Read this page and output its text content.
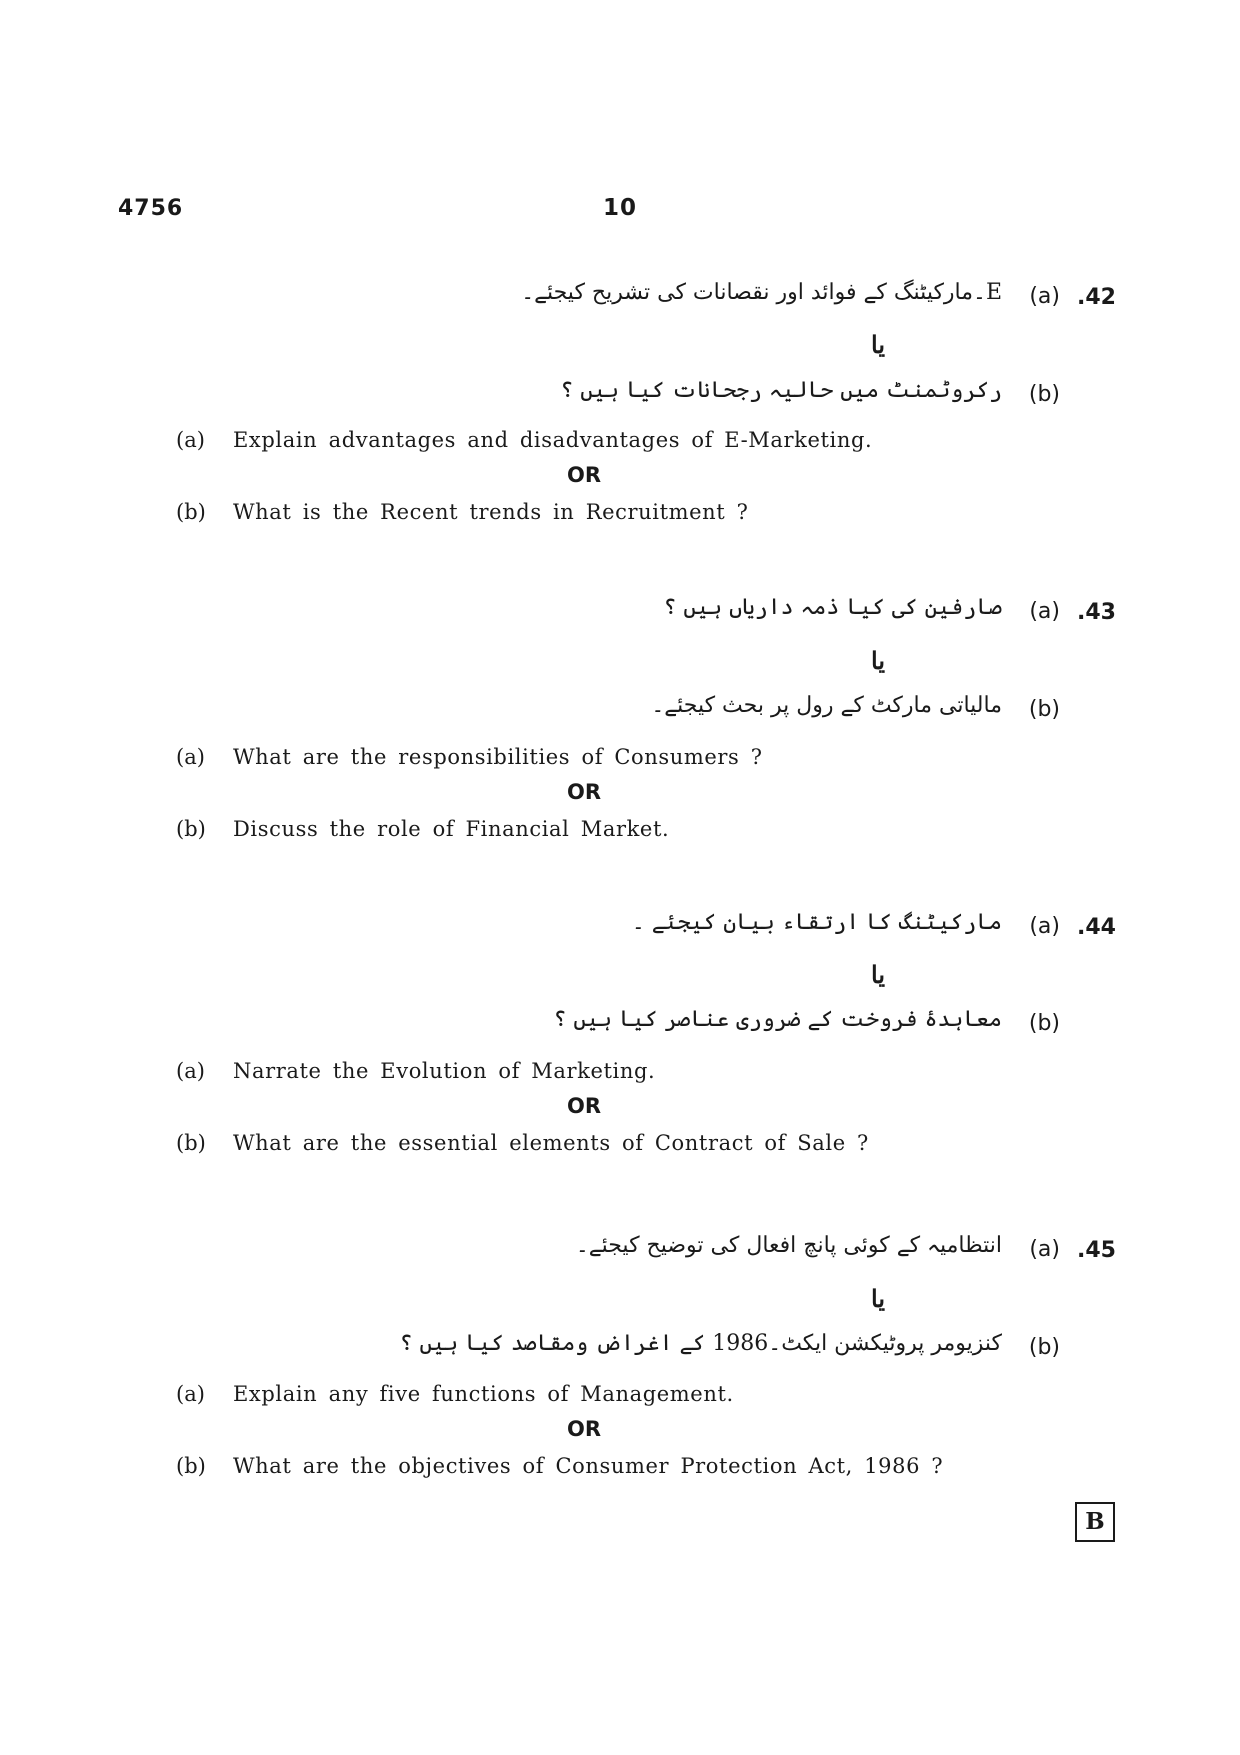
4756	10
.42
(a)
E۔مارکیٹنگ کے فوائد اور نقصانات کی تشریح کیجئے۔
یا
(b)
رکروٹمنٹ میں حالیہ رجحانات کیا ہیں ؟
(a) Explain advantages and disadvantages of E-Marketing.
OR
(b) What is the Recent trends in Recruitment ?
.43
(a)
صارفین کی کیا ذمہ داریاں ہیں ؟
یا
(b)
مالیاتی مارکٹ کے رول پر بحث کیجئے۔
(a) What are the responsibilities of Consumers ?
OR
(b) Discuss the role of Financial Market.
.44
(a)
مارکیٹنگ کا ارتقاء بیان کیجئے ۔
یا
(b)
معاہدۂ فروخت کے ضروری عناصر کیا ہیں ؟
(a) Narrate the Evolution of Marketing.
OR
(b) What are the essential elements of Contract of Sale ?
.45
(a)
انتظامیہ کے کوئی پانچ افعال کی توضیح کیجئے۔
یا
(b)
کنزیومر پروٹیکشن ایکٹ۔1986 کے اغراض ومقاصد کیا ہیں ؟
(a) Explain any five functions of Management.
OR
(b) What are the objectives of Consumer Protection Act, 1986 ?
B
